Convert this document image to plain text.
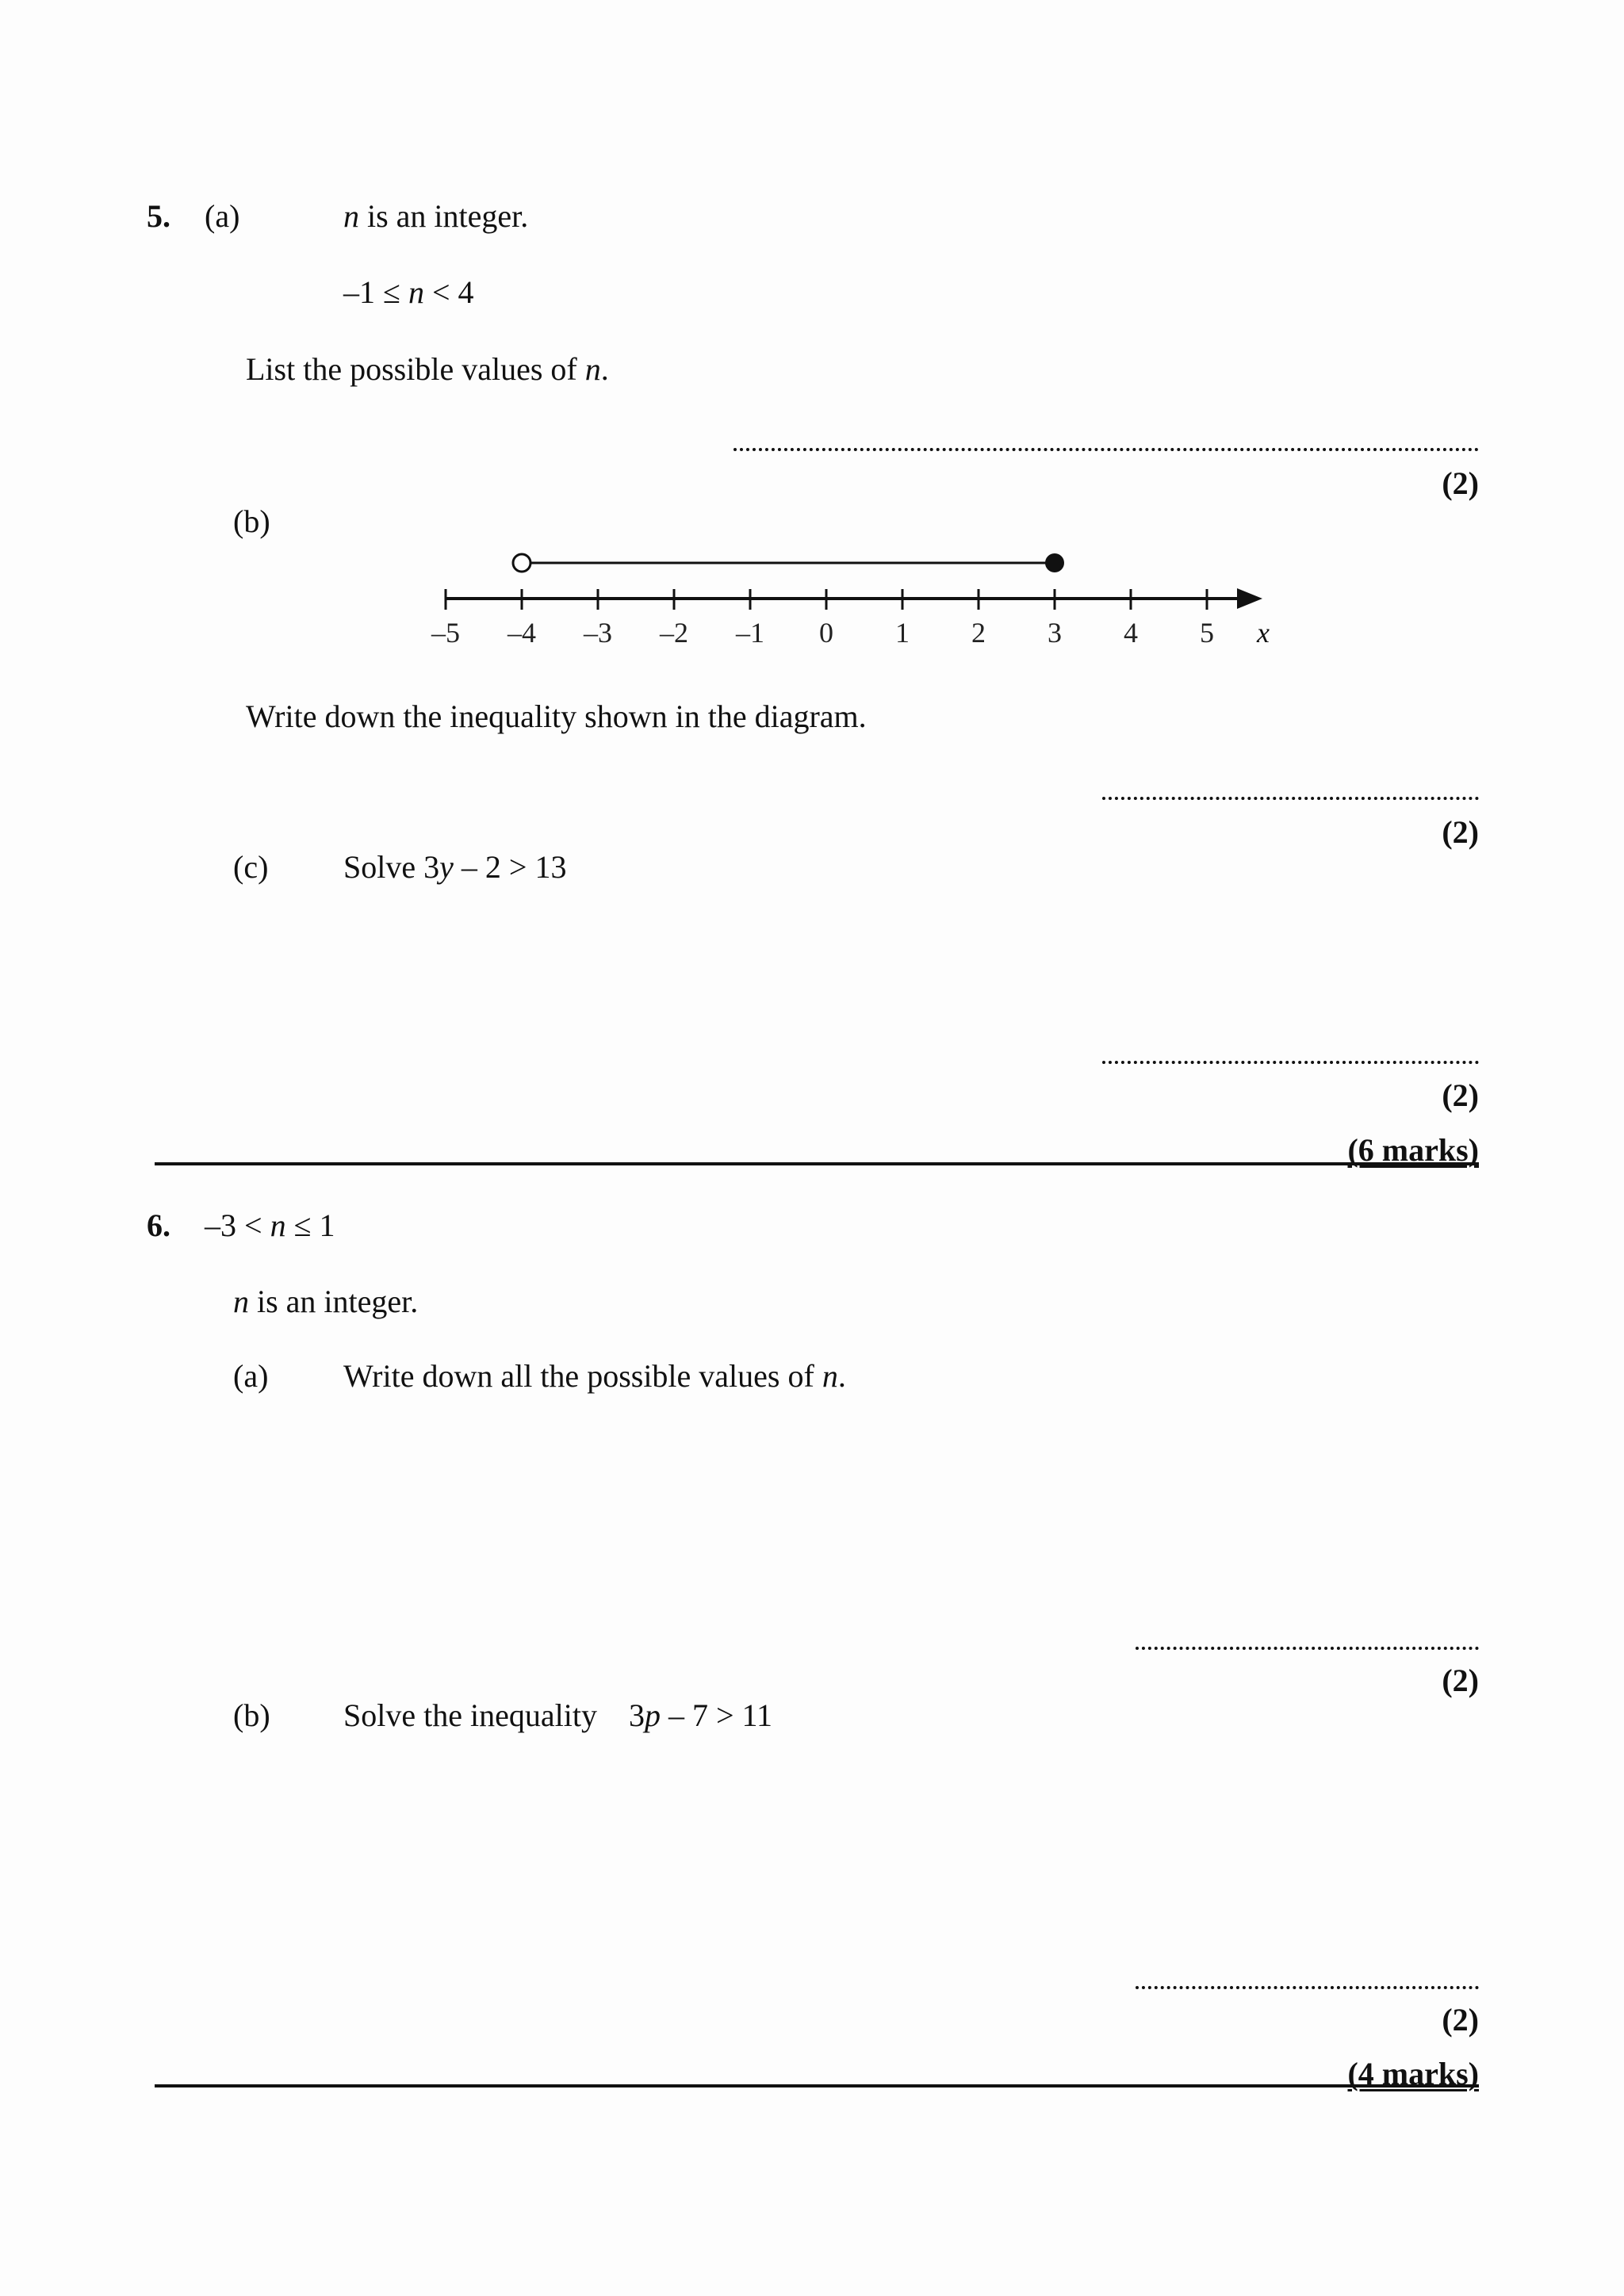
5. (a)	n is an integer.
–1 ≤ n < 4
List the possible values of n.
(2)
(b)
–5 –4 –3 –2 –1 0 1 2 3 4 5 x
Write down the inequality shown in the diagram.
(2)
(c) Solve 3y – 2 > 13
(2)
(6 marks)
6. –3 < n ≤ 1
n is an integer.
(a) Write down all the possible values of n.
(2)
(b) Solve the inequality    3p – 7 > 11
(2)
(4 marks)
